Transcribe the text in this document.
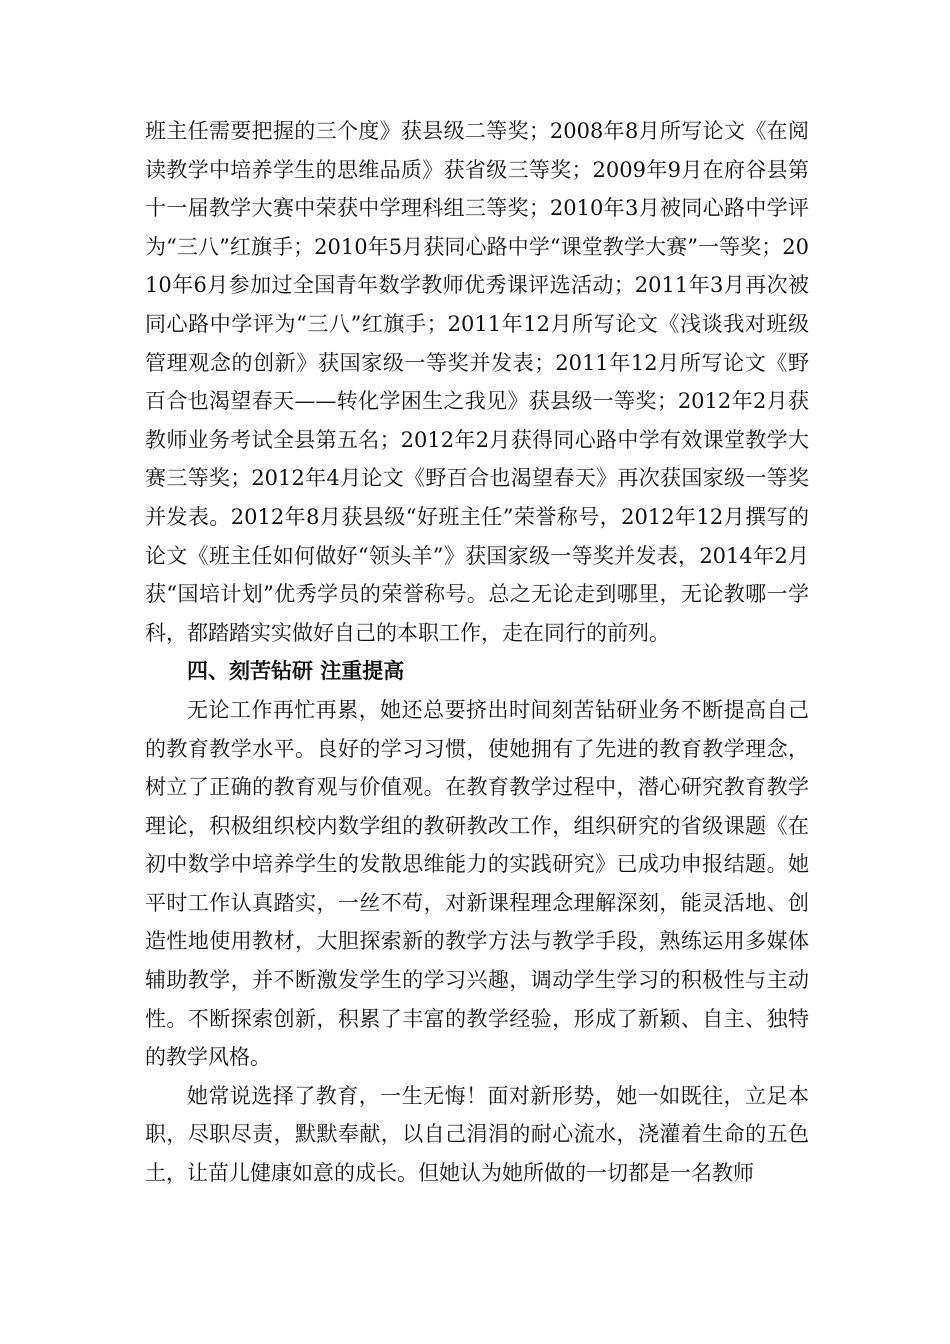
班主任需要把握的三个度》获县级二等奖；2008年8月所写论文《在阅读教学中培养学生的思维品质》获省级三等奖；2009年9月在府谷县第十一届教学大赛中荣获中学理科组三等奖；2010年3月被同心路中学评为“三八”红旗手；2010年5月获同心路中学“课堂教学大赛”一等奖；2010年6月参加过全国青年数学教师优秀课评选活动；2011年3月再次被同心路中学评为“三八”红旗手；2011年12月所写论文《浅谈我对班级管理观念的创新》获国家级一等奖并发表；2011年12月所写论文《野百合也渴望春天——转化学困生之我见》获县级一等奖；2012年2月获教师业务考试全县第五名；2012年2月获得同心路中学有效课堂教学大赛三等奖；2012年4月论文《野百合也渴望春天》再次获国家级一等奖并发表。2012年8月获县级“好班主任”荣誉称号，2012年12月撰写的论文《班主任如何做好“领头羊”》获国家级一等奖并发表，2014年2月获“国培计划”优秀学员的荣誉称号。总之无论走到哪里，无论教哪一学科，都踏踏实实做好自己的本职工作，走在同行的前列。

四、刻苦钻研 注重提高

无论工作再忙再累，她还总要挤出时间刻苦钻研业务不断提高自己的教育教学水平。良好的学习习惯，使她拥有了先进的教育教学理念，树立了正确的教育观与价值观。在教育教学过程中，潜心研究教育教学理论，积极组织校内数学组的教研教改工作，组织研究的省级课题《在初中数学中培养学生的发散思维能力的实践研究》已成功申报结题。她平时工作认真踏实，一丝不苟，对新课程理念理解深刻，能灵活地、创造性地使用教材，大胆探索新的教学方法与教学手段，熟练运用多媒体辅助教学，并不断激发学生的学习兴趣，调动学生学习的积极性与主动性。不断探索创新，积累了丰富的教学经验，形成了新颖、自主、独特的教学风格。

她常说选择了教育，一生无悔！面对新形势，她一如既往，立足本职，尽职尽责，默默奉献，以自己涓涓的耐心流水，浇灌着生命的五色土，让苗儿健康如意的成长。但她认为她所做的一切都是一名教师
